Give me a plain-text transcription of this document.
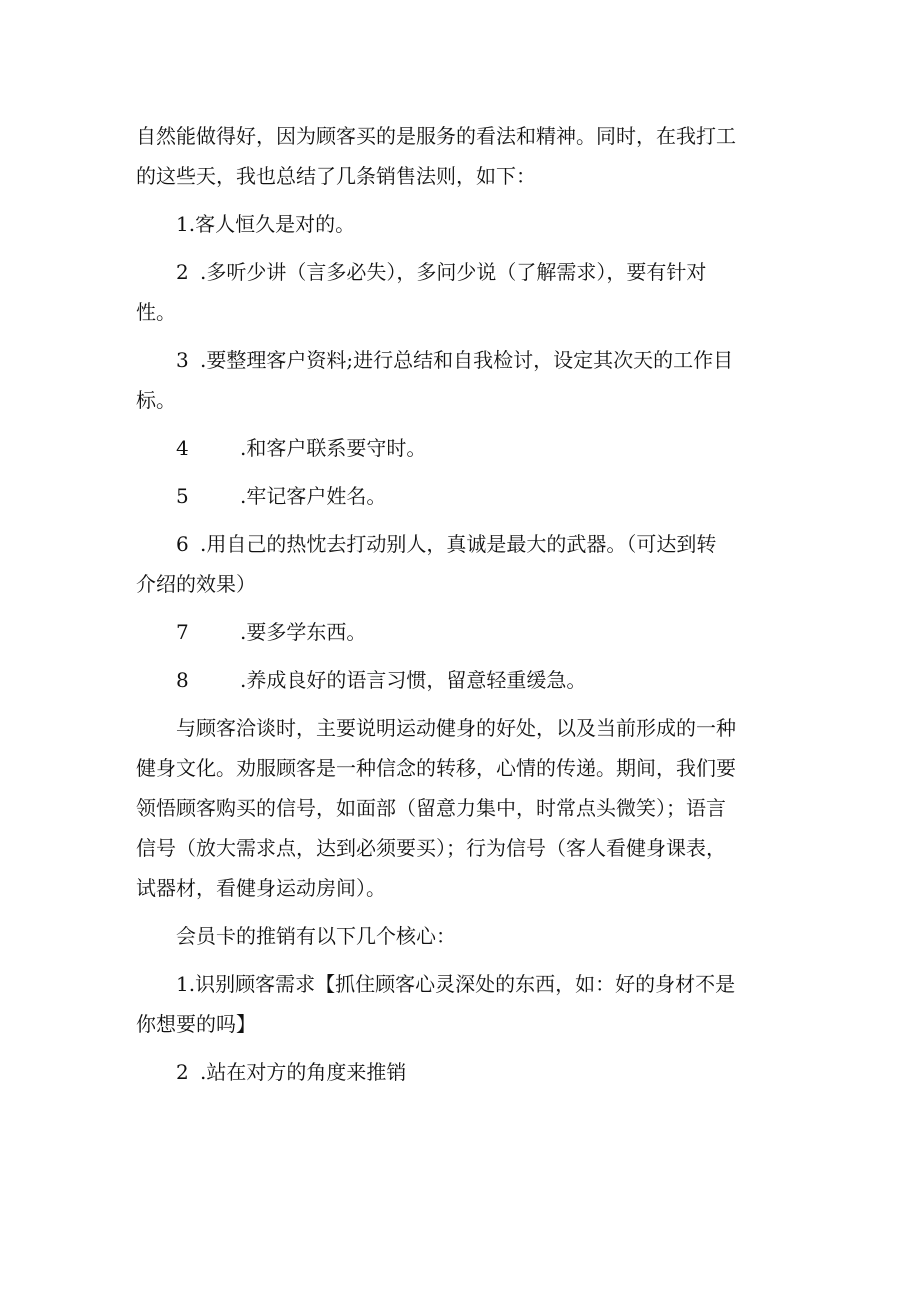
自然能做得好，因为顾客买的是服务的看法和精神。同时，在我打工
的这些天，我也总结了几条销售法则，如下：
1.客人恒久是对的。
2 .多听少讲（言多必失），多问少说（了解需求），要有针对
性。
3 .要整理客户资料;进行总结和自我检讨，设定其次天的工作目
标。
4	.和客户联系要守时。
5	.牢记客户姓名。
6 .用自己的热忱去打动别人，真诚是最大的武器。（可达到转
介绍的效果）
7	.要多学东西。
8	.养成良好的语言习惯，留意轻重缓急。
与顾客洽谈时，主要说明运动健身的好处，以及当前形成的一种
健身文化。劝服顾客是一种信念的转移，心情的传递。期间，我们要
领悟顾客购买的信号，如面部（留意力集中，时常点头微笑）；语言
信号（放大需求点，达到必须要买）；行为信号（客人看健身课表，
试器材，看健身运动房间）。
会员卡的推销有以下几个核心：
1.识别顾客需求【抓住顾客心灵深处的东西，如：好的身材不是
你想要的吗】
2 .站在对方的角度来推销
